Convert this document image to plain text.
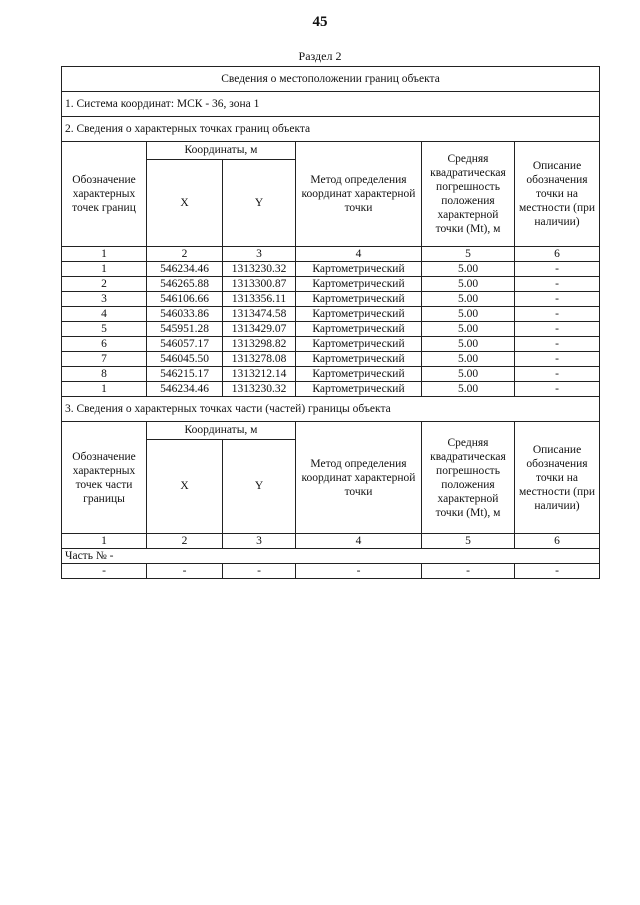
45
Раздел 2
Сведения о местоположении границ объекта					
1. Система координат: МСК - 36, зона 1					
2. Сведения о характерных точках границ объекта					
Обозначение характерных точек границ	Координаты, м		Метод определения координат характерной точки	Средняя квадратическая погрешность положения характерной точки (Mt), м	Описание обозначения точки на местности (при наличии)
	X	Y			
1	2	3	4	5	6
1	546234.46	1313230.32	Картометрический	5.00	-
2	546265.88	1313300.87	Картометрический	5.00	-
3	546106.66	1313356.11	Картометрический	5.00	-
4	546033.86	1313474.58	Картометрический	5.00	-
5	545951.28	1313429.07	Картометрический	5.00	-
6	546057.17	1313298.82	Картометрический	5.00	-
7	546045.50	1313278.08	Картометрический	5.00	-
8	546215.17	1313212.14	Картометрический	5.00	-
1	546234.46	1313230.32	Картометрический	5.00	-
3. Сведения о характерных точках части (частей) границы объекта					
Обозначение характерных точек части границы	Координаты, м		Метод определения координат характерной точки	Средняя квадратическая погрешность положения характерной точки (Mt), м	Описание обозначения точки на местности (при наличии)
	X	Y			
1	2	3	4	5	6
Часть № -					
-	-	-	-	-	-
